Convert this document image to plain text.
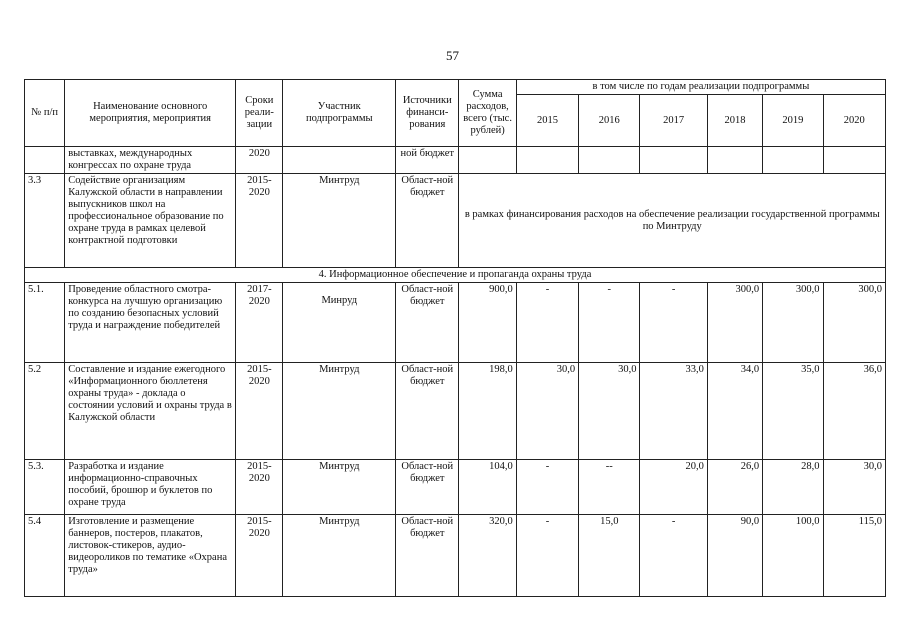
57
№ п/п	Наименование основного мероприятия, мероприятия	Сроки реали-зации	Участник подпрограммы	Источники финанси-рования	Сумма расходов, всего (тыс. рублей)	в том числе по годам реализации подпрограммы					
						2015	2016	2017	2018	2019	2020
	выставках, международных конгрессах по охране труда	2020		ной бюджет							
3.3	Содействие организациям Калужской области в направлении выпускников школ на профессиональное образование по охране труда в рамках целевой контрактной подготовки	2015-2020	Минтруд	Област-ной бюджет	в рамках финансирования расходов на обеспечение реализации государственной программы по Минтруду						
4. Информационное обеспечение и пропаганда охраны труда											
5.1.	Проведение областного смотра-конкурса на лучшую организацию по созданию безопасных условий труда и награждение победителей	2017-2020	Минруд	Област-ной бюджет	900,0	-	-	-	300,0	300,0	300,0
5.2	Составление и издание ежегодного «Информационного бюллетеня охраны труда» - доклада о состоянии условий и охраны труда в Калужской области	2015-2020	Минтруд	Област-ной бюджет	198,0	30,0	30,0	33,0	34,0	35,0	36,0
5.3.	Разработка и издание информационно-справочных пособий, брошюр и буклетов по охране труда	2015-2020	Минтруд	Област-ной бюджет	104,0	-	--	20,0	26,0	28,0	30,0
5.4	Изготовление и размещение баннеров, постеров, плакатов, листовок-стикеров, аудио-видеороликов по тематике «Охрана труда»	2015-2020	Минтруд	Област-ной бюджет	320,0	-	15,0	-	90,0	100,0	115,0
